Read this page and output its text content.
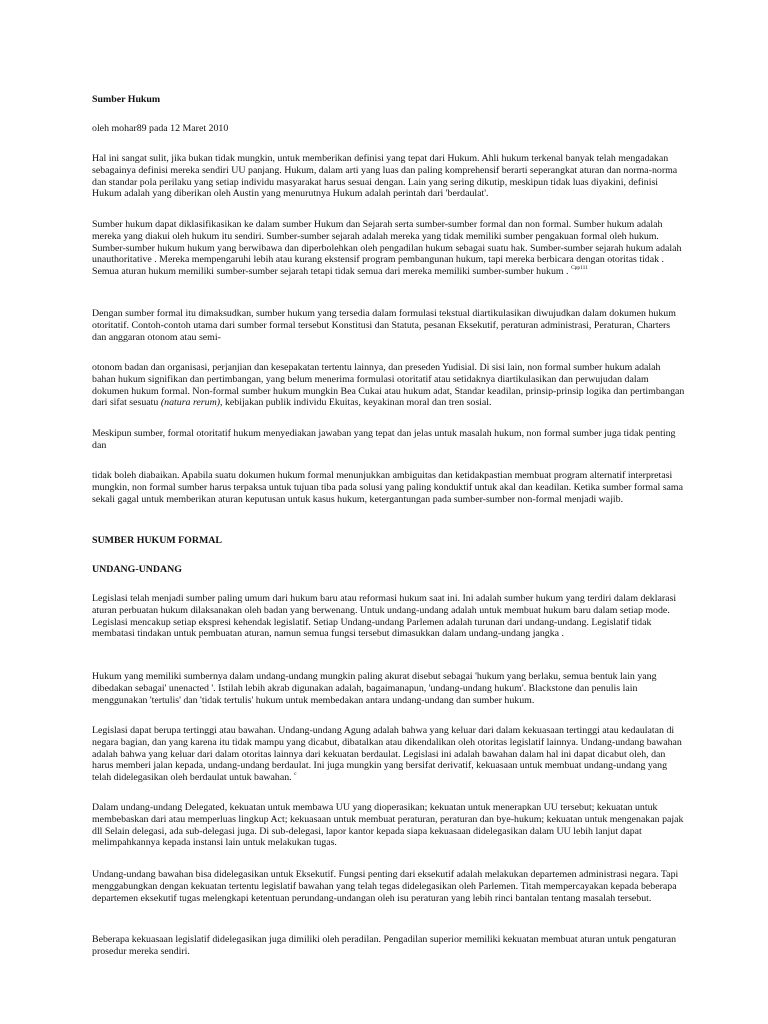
Sumber Hukum

oleh mohar89 pada 12 Maret 2010

Hal ini sangat sulit, jika bukan tidak mungkin, untuk memberikan definisi yang tepat dari Hukum. Ahli hukum terkenal banyak telah mengadakan sebagainya definisi mereka sendiri UU panjang. Hukum, dalam arti yang luas dan paling komprehensif berarti seperangkat aturan dan norma-norma dan standar pola perilaku yang setiap individu masyarakat harus sesuai dengan. Lain yang sering dikutip, meskipun tidak luas diyakini, definisi Hukum adalah yang diberikan oleh Austin yang menurutnya Hukum adalah perintah dari 'berdaulat'.

Sumber hukum dapat diklasifikasikan ke dalam sumber Hukum dan Sejarah serta sumber-sumber formal dan non formal. Sumber hukum adalah mereka yang diakui oleh hukum itu sendiri. Sumber-sumber sejarah adalah mereka yang tidak memiliki sumber pengakuan formal oleh hukum. Sumber-sumber hukum hukum yang berwibawa dan diperbolehkan oleh pengadilan hukum sebagai suatu hak. Sumber-sumber sejarah hukum adalah unauthoritative . Mereka mempengaruhi lebih atau kurang ekstensif program pembangunan hukum, tapi mereka berbicara dengan otoritas tidak . Semua aturan hukum memiliki sumber-sumber sejarah tetapi tidak semua dari mereka memiliki sumber-sumber hukum . $^{Cpp111}$

Dengan sumber formal itu dimaksudkan, sumber hukum yang tersedia dalam formulasi tekstual diartikulasikan diwujudkan dalam dokumen hukum otoritatif. Contoh-contoh utama dari sumber formal tersebut Konstitusi dan Statuta, pesanan Eksekutif, peraturan administrasi, Peraturan, Charters dan anggaran otonom atau semi-

otonom badan dan organisasi, perjanjian dan kesepakatan tertentu lainnya, dan preseden Yudisial. Di sisi lain, non formal sumber hukum adalah bahan hukum signifikan dan pertimbangan, yang belum menerima formulasi otoritatif atau setidaknya diartikulasikan dan perwujudan dalam dokumen hukum formal. Non-formal sumber hukum mungkin Bea Cukai atau hukum adat, Standar keadilan, prinsip-prinsip logika dan pertimbangan dari sifat sesuatu (natura rerum), kebijakan publik individu Ekuitas, keyakinan moral dan tren sosial.

Meskipun sumber, formal otoritatif hukum menyediakan jawaban yang tepat dan jelas untuk masalah hukum, non formal sumber juga tidak penting dan

tidak boleh diabaikan. Apabila suatu dokumen hukum formal menunjukkan ambiguitas dan ketidakpastian membuat program alternatif interpretasi mungkin, non formal sumber harus terpaksa untuk tujuan tiba pada solusi yang paling konduktif untuk akal dan keadilan. Ketika sumber formal sama sekali gagal untuk memberikan aturan keputusan untuk kasus hukum, ketergantungan pada sumber-sumber non-formal menjadi wajib.

SUMBER HUKUM FORMAL

UNDANG-UNDANG

Legislasi telah menjadi sumber paling umum dari hukum baru atau reformasi hukum saat ini. Ini adalah sumber hukum yang terdiri dalam deklarasi aturan perbuatan hukum dilaksanakan oleh badan yang berwenang. Untuk undang-undang adalah untuk membuat hukum baru dalam setiap mode. Legislasi mencakup setiap ekspresi kehendak legislatif. Setiap Undang-undang Parlemen adalah turunan dari undang-undang. Legislatif tidak membatasi tindakan untuk pembuatan aturan, namun semua fungsi tersebut dimasukkan dalam undang-undang jangka .

Hukum yang memiliki sumbernya dalam undang-undang mungkin paling akurat disebut sebagai 'hukum yang berlaku, semua bentuk lain yang dibedakan sebagai' unenacted '. Istilah lebih akrab digunakan adalah, bagaimanapun, 'undang-undang hukum'. Blackstone dan penulis lain menggunakan 'tertulis' dan 'tidak tertulis' hukum untuk membedakan antara undang-undang dan sumber hukum.

Legislasi dapat berupa tertinggi atau bawahan. Undang-undang Agung adalah bahwa yang keluar dari dalam kekuasaan tertinggi atau kedaulatan di negara bagian, dan yang karena itu tidak mampu yang dicabut, dibatalkan atau dikendalikan oleh otoritas legislatif lainnya. Undang-undang bawahan adalah bahwa yang keluar dari dalam otoritas lainnya dari kekuatan berdaulat. Legislasi ini adalah bawahan dalam hal ini dapat dicabut oleh, dan harus memberi jalan kepada, undang-undang berdaulat. Ini juga mungkin yang bersifat derivatif, kekuasaan untuk membuat undang-undang yang telah didelegasikan oleh berdaulat untuk bawahan. $^c$

Dalam undang-undang Delegated, kekuatan untuk membawa UU yang dioperasikan; kekuatan untuk menerapkan UU tersebut; kekuatan untuk membebaskan dari atau memperluas lingkup Act; kekuasaan untuk membuat peraturan, peraturan dan bye-hukum; kekuatan untuk mengenakan pajak dll Selain delegasi, ada sub-delegasi juga. Di sub-delegasi, lapor kantor kepada siapa kekuasaan didelegasikan dalam UU lebih lanjut dapat melimpahkannya kepada instansi lain untuk melakukan tugas.

Undang-undang bawahan bisa didelegasikan untuk Eksekutif. Fungsi penting dari eksekutif adalah melakukan departemen administrasi negara. Tapi menggabungkan dengan kekuatan tertentu legislatif bawahan yang telah tegas didelegasikan oleh Parlemen. Titah mempercayakan kepada beberapa departemen eksekutif tugas melengkapi ketentuan perundang-undangan oleh isu peraturan yang lebih rinci bantalan tentang masalah tersebut.

Beberapa kekuasaan legislatif didelegasikan juga dimiliki oleh peradilan. Pengadilan superior memiliki kekuatan membuat aturan untuk pengaturan prosedur mereka sendiri.
